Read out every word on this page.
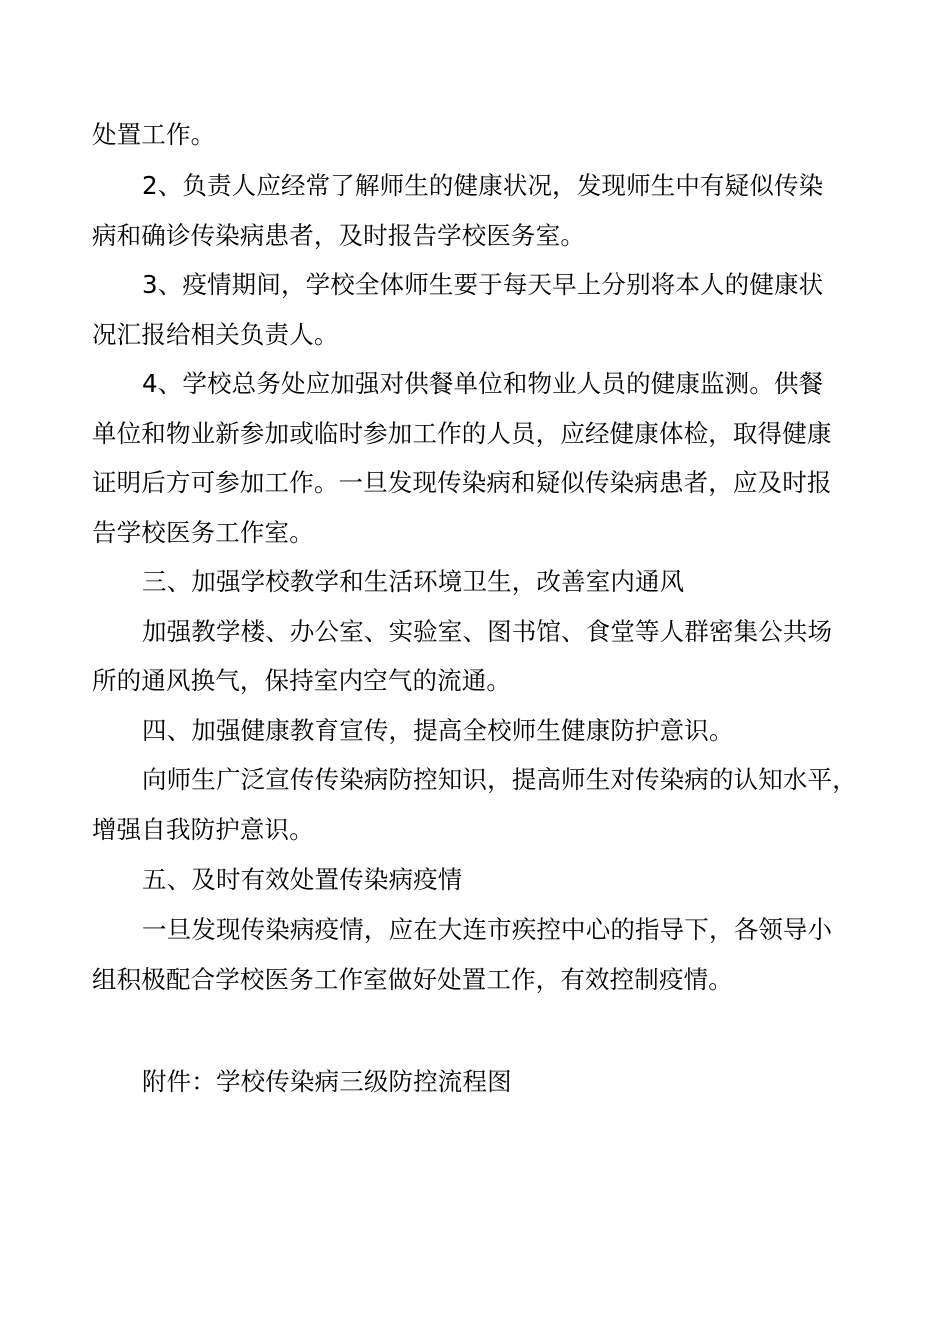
处置工作。
2、负责人应经常了解师生的健康状况，发现师生中有疑似传染
病和确诊传染病患者，及时报告学校医务室。
3、疫情期间，学校全体师生要于每天早上分别将本人的健康状
况汇报给相关负责人。
4、学校总务处应加强对供餐单位和物业人员的健康监测。供餐
单位和物业新参加或临时参加工作的人员，应经健康体检，取得健康
证明后方可参加工作。一旦发现传染病和疑似传染病患者，应及时报
告学校医务工作室。
三、加强学校教学和生活环境卫生，改善室内通风
加强教学楼、办公室、实验室、图书馆、食堂等人群密集公共场
所的通风换气，保持室内空气的流通。
四、加强健康教育宣传，提高全校师生健康防护意识。
向师生广泛宣传传染病防控知识，提高师生对传染病的认知水平，
增强自我防护意识。
五、及时有效处置传染病疫情
一旦发现传染病疫情，应在大连市疾控中心的指导下，各领导小
组积极配合学校医务工作室做好处置工作，有效控制疫情。
附件：学校传染病三级防控流程图
